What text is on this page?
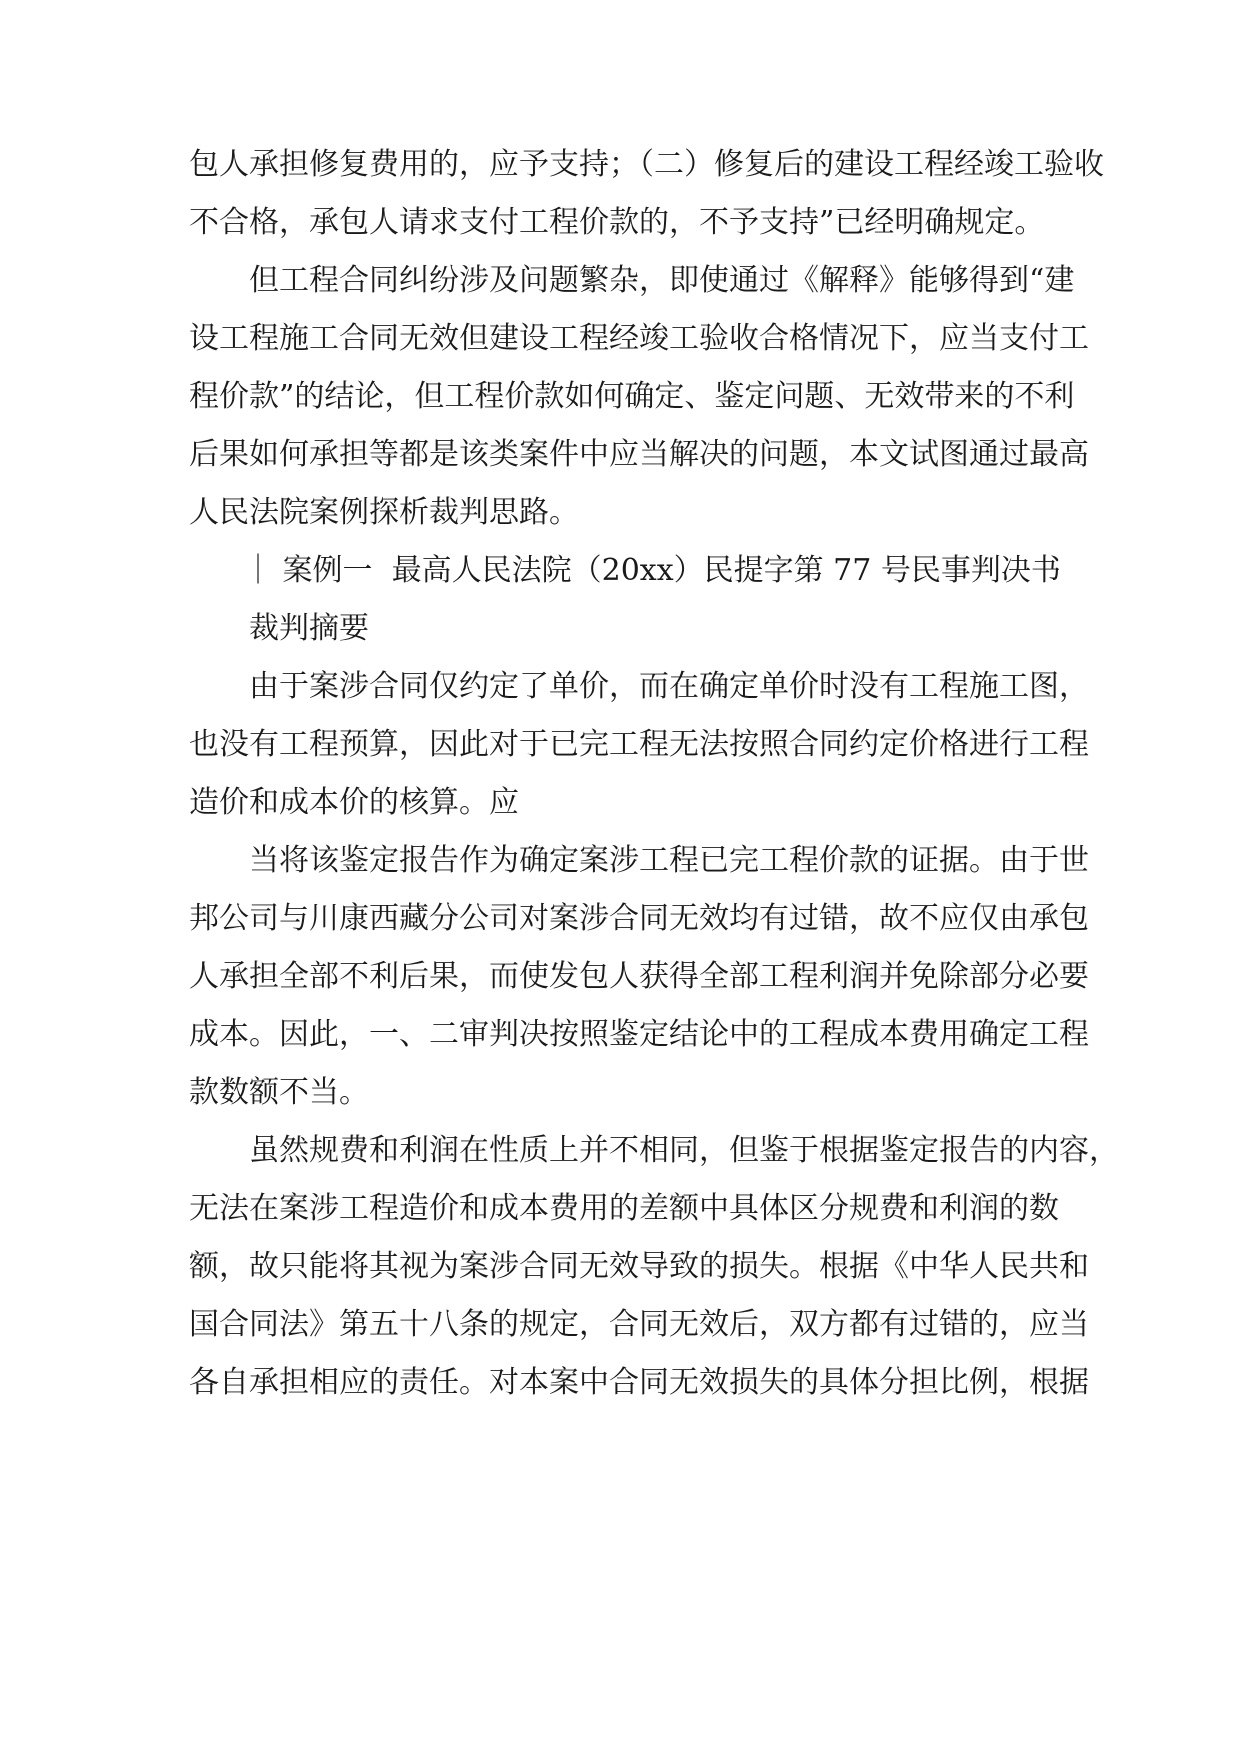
包人承担修复费用的，应予支持；（二）修复后的建设工程经竣工验收

不合格，承包人请求支付工程价款的，不予支持”已经明确规定。

但工程合同纠纷涉及问题繁杂，即使通过《解释》能够得到“建

设工程施工合同无效但建设工程经竣工验收合格情况下，应当支付工

程价款”的结论，但工程价款如何确定、鉴定问题、无效带来的不利

后果如何承担等都是该类案件中应当解决的问题，本文试图通过最高

人民法院案例探析裁判思路。

｜ 案例一  最高人民法院（20xx）民提字第 77 号民事判决书

裁判摘要

由于案涉合同仅约定了单价，而在确定单价时没有工程施工图，

也没有工程预算，因此对于已完工程无法按照合同约定价格进行工程

造价和成本价的核算。应

当将该鉴定报告作为确定案涉工程已完工程价款的证据。由于世

邦公司与川康西藏分公司对案涉合同无效均有过错，故不应仅由承包

人承担全部不利后果，而使发包人获得全部工程利润并免除部分必要

成本。因此，一、二审判决按照鉴定结论中的工程成本费用确定工程

款数额不当。

虽然规费和利润在性质上并不相同，但鉴于根据鉴定报告的内容，

无法在案涉工程造价和成本费用的差额中具体区分规费和利润的数

额，故只能将其视为案涉合同无效导致的损失。根据《中华人民共和

国合同法》第五十八条的规定，合同无效后，双方都有过错的，应当

各自承担相应的责任。对本案中合同无效损失的具体分担比例，根据
